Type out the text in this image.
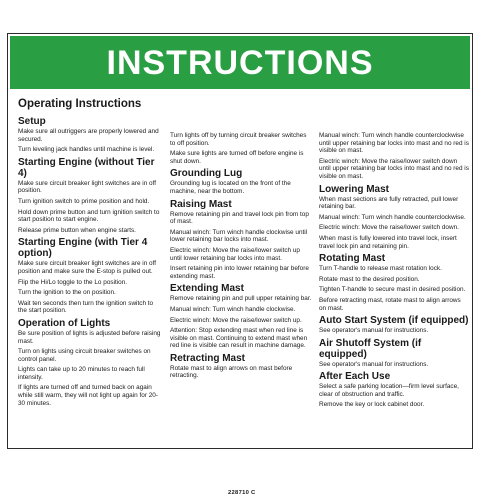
INSTRUCTIONS
Operating Instructions
Setup

Make sure all outriggers are properly lowered and secured.

Turn leveling jack handles until machine is level.

Starting Engine (without Tier 4)

Make sure circuit breaker light switches are in off position.

Turn ignition switch to prime position and hold.

Hold down prime button and turn ignition switch to start position to start engine.

Release prime button when engine starts.

Starting Engine (with Tier 4 option)

Make sure circuit breaker light switches are in off position and make sure the E-stop is pulled out.

Flip the Hi/Lo toggle to the Lo position.

Turn the ignition to the on position.

Wait ten seconds then turn the ignition switch to the start position.

Operation of Lights

Be sure position of lights is adjusted before raising mast.

Turn on lights using circuit breaker switches on control panel.

Lights can take up to 20 minutes to reach full intensity.

If lights are turned off and turned back on again while still warm, they will not light up again for 20-30 minutes.

Turn lights off by turning circuit breaker switches to off position.

Make sure lights are turned off before engine is shut down.

Grounding Lug

Grounding lug is located on the front of the machine, near the bottom.

Raising Mast

Remove retaining pin and travel lock pin from top of mast.

Manual winch: Turn winch handle clockwise until lower retaining bar locks into mast.

Electric winch: Move the raise/lower switch up until lower retaining bar locks into mast.

Insert retaining pin into lower retaining bar before extending mast.

Extending Mast

Remove retaining pin and pull upper retaining bar.

Manual winch: Turn winch handle clockwise.

Electric winch: Move the raise/lower switch up.

Attention: Stop extending mast when red line is visible on mast. Continuing to extend mast when red line is visible can result in machine damage.

Retracting Mast

Rotate mast to align arrows on mast before retracting.

Manual winch: Turn winch handle counterclockwise until upper retaining bar locks into mast and no red is visible on mast.

Electric winch: Move the raise/lower switch down until upper retaining bar locks into mast and no red is visible on mast.

Lowering Mast

When mast sections are fully retracted, pull lower retaining bar.

Manual winch: Turn winch handle counterclockwise.

Electric winch: Move the raise/lower switch down.

When mast is fully lowered into travel lock, insert travel lock pin and retaining pin.

Rotating Mast

Turn T-handle to release mast rotation lock.

Rotate mast to the desired position.

Tighten T-handle to secure mast in desired position.

Before retracting mast, rotate mast to align arrows on mast.

Auto Start System (if equipped)

See operator's manual for instructions.

Air Shutoff System (if equipped)

See operator's manual for instructions.

After Each Use

Select a safe parking location—firm level surface, clear of obstruction and traffic.

Remove the key or lock cabinet door.

228710 C
